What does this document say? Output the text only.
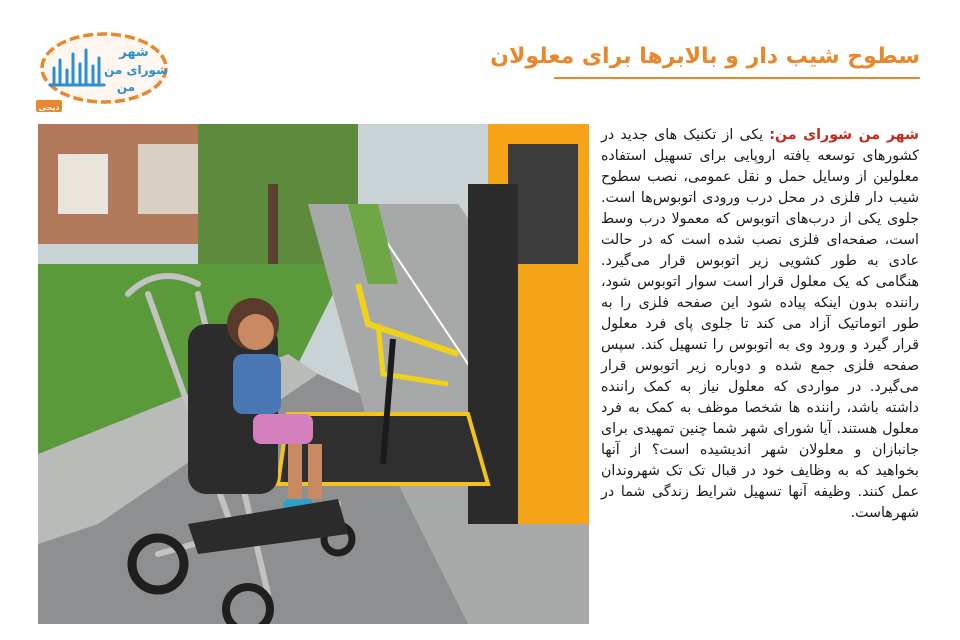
شهر
شورای من
من
دیجی
سطوح شیب دار و بالابرها برای معلولان
شهر من شورای من: یکی از تکنیک های جدید در کشورهای توسعه یافته اروپایی برای تسهیل استفاده معلولین از وسایل حمل و نقل عمومی، نصب سطوح شیب دار فلزی در محل درب ورودی اتوبوس‌ها است. جلوی یکی از درب‌های اتوبوس که معمولا درب وسط است، صفحه‌ای فلزی نصب شده است که در حالت عادی به طور کشویی زیر اتوبوس قرار می‌گیرد. هنگامی که یک معلول قرار است سوار اتوبوس شود، راننده بدون اینکه پیاده شود این صفحه فلزی را به طور اتوماتیک آزاد می کند تا جلوی پای فرد معلول قرار گیرد و ورود وی به اتوبوس را تسهیل کند. سپس صفحه فلزی جمع شده و دوباره زیر اتوبوس قرار می‌گیرد. در مواردی که معلول نیاز به کمک راننده داشته باشد، راننده ها شخصا موظف به کمک به فرد معلول هستند. آیا شورای شهر شما چنین تمهیدی برای جانبازان و معلولان شهر اندیشیده است؟ از آنها بخواهید که به وظایف خود در قبال تک تک شهروندان عمل کنند. وظیفه آنها تسهیل شرایط زندگی شما در شهرهاست.
